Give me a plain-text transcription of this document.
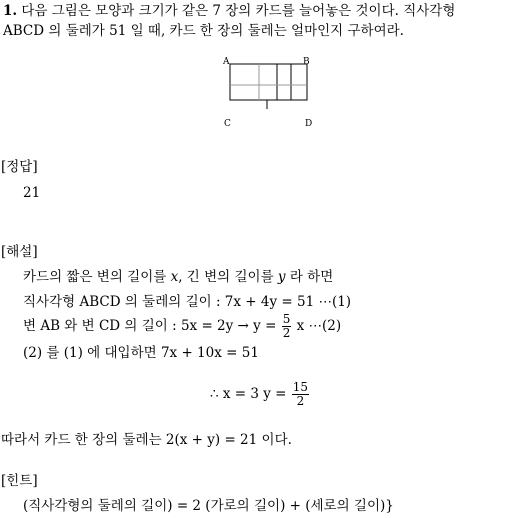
1. 다음 그림은 모양과 크기가 같은 7 장의 카드를 늘어놓은 것이다. 직사각형
ABCD 의 둘레가 51 일 때, 카드 한 장의 둘레는 얼마인지 구하여라.
A	B
C	D
[정답]
21
[해설]
카드의 짧은 변의 길이를 x, 긴 변의 길이를 y 라 하면
직사각형 ABCD 의 둘레의 길이 : 7x + 4y = 51 ⋯(1)
변 AB 와 변 CD 의 길이 : $5x = 2y \to y = \frac{5}{2}$ x ⋯(2)
(2) 를 (1) 에 대입하면 7x + 10x = 51
∴ x = 3 $y = \frac{15}{2}$
따라서 카드 한 장의 둘레는 2(x + y) = 21 이다.
[힌트]
(직사각형의 둘레의 길이) = 2 (가로의 길이) + (세로의 길이)}
